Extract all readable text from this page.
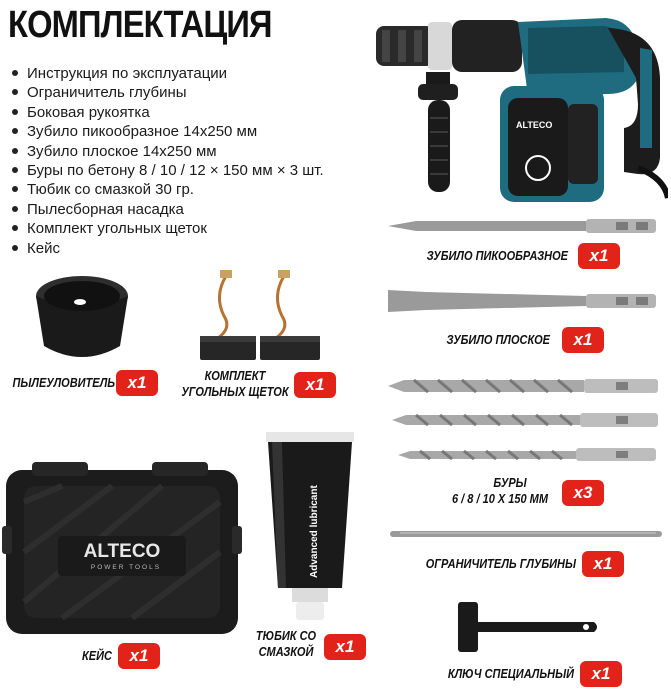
КОМПЛЕКТАЦИЯ
Инструкция по эксплуатации
Ограничитель глубины
Боковая рукоятка
Зубило пикообразное 14х250 мм
Зубило плоское 14х250 мм
Буры по бетону 8 / 10 / 12 × 150 мм × 3 шт.
Тюбик со смазкой 30 гр.
Пылесборная насадка
Комплект угольных щеток
Кейс
ALTECO
ЗУБИЛО ПИКООБРАЗНОЕ	x1
ЗУБИЛО ПЛОСКОЕ	x1
ПЫЛЕУЛОВИТЕЛЬ x1	КОМПЛЕКТ
УГОЛЬНЫХ ЩЕТОК x1
БУРЫ
6 / 8 / 10 X 150 ММ	x3
ОГРАНИЧИТЕЛЬ ГЛУБИНЫ	x1
ALTECO
POWER TOOLS
КЕЙС	x1
Advanced lubricant
ТЮБИК СО
СМАЗКОЙ	x1
КЛЮЧ СПЕЦИАЛЬНЫЙ	x1
